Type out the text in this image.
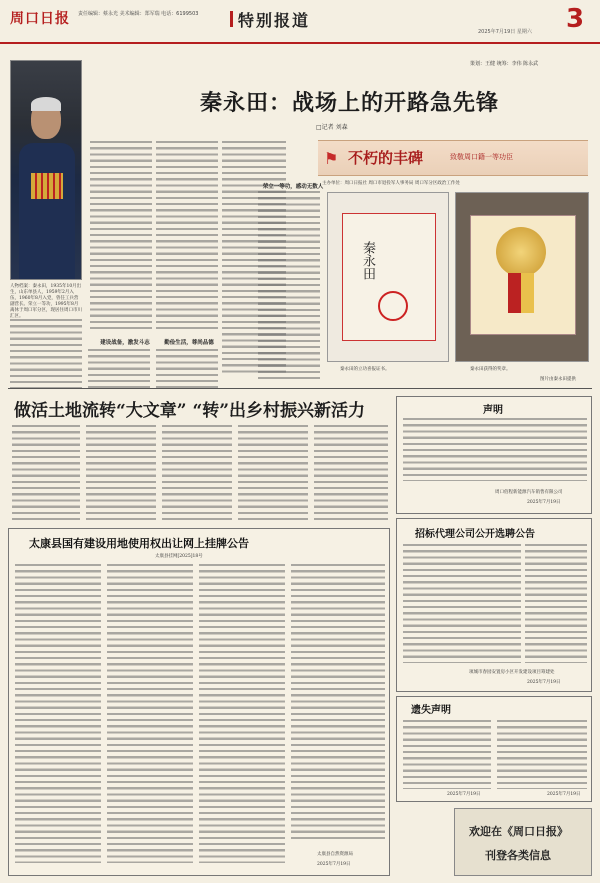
周口日报 责任编辑：蔡永光 美术编辑：郑军瑞 电话：6199503 特别报道
2025年7月19日 星期六 3
策划：王健 统筹：李伟 陈永武
秦永田：战场上的开路急先锋
□记者 刘森
⚑ 不朽的丰碑	致敬周口籍一等功臣
主办单位：周口日报社 周口市退役军人事务局 周口军分区政治工作处
人物档案：秦永田，1935年10月出生，山东单县人，1959年2月入伍，1960年8月入党，曾任工兵营副营长。荣立一等功，1995年8月离休于周口军分区，现居住周口市川汇区。
建设战备，激发斗志
荣立一等功，感动无数人
勤俭生活，尊尚品德
秦永田
秦永田的立功喜报证书。	秦永田获得的奖章。
图片由秦永田提供
做活土地流转“大文章” “转”出乡村振兴新活力	声明
周口佰程新能源汽车销售有限公司
2025年7月19日
招标代理公司公开选聘公告
项城市春园安置房小区开发建设项目筹建处
2025年7月19日
太康县国有建设用地使用权出让网上挂牌公告
太康县挂网[2025]18号
太康县自然资源局
2025年7月19日
遗失声明
2025年7月19日	2025年7月19日
欢迎在《周口日报》
刊登各类信息
